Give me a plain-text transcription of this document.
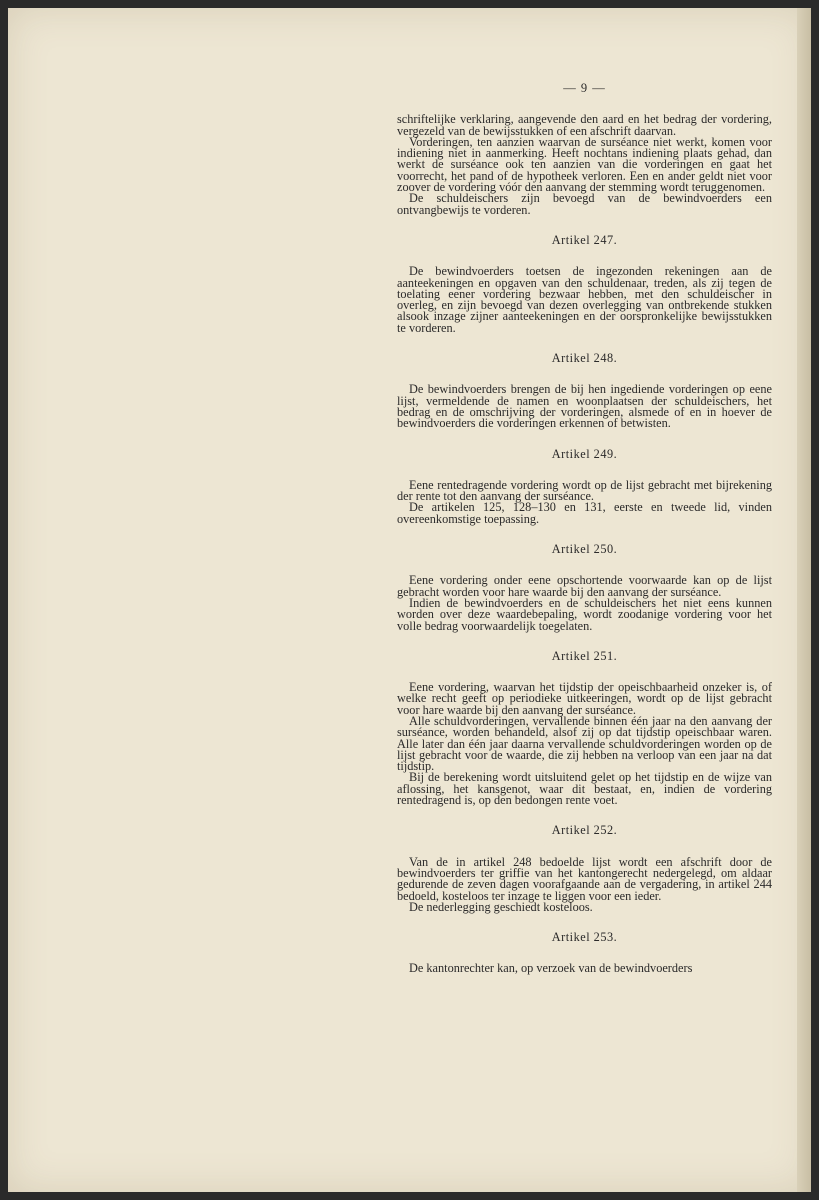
— 9 —

schriftelijke verklaring, aangevende den aard en het bedrag der vordering, vergezeld van de bewijsstukken of een afschrift daarvan.

Vorderingen, ten aanzien waarvan de surséance niet werkt, komen voor indiening niet in aanmerking. Heeft nochtans indiening plaats gehad, dan werkt de surséance ook ten aanzien van die vorderingen en gaat het voorrecht, het pand of de hypotheek verloren. Een en ander geldt niet voor zoover de vordering vóór den aanvang der stemming wordt teruggenomen.

De schuldeischers zijn bevoegd van de bewindvoerders een ontvangbewijs te vorderen.

Artikel 247.

De bewindvoerders toetsen de ingezonden rekeningen aan de aanteekeningen en opgaven van den schuldenaar, treden, als zij tegen de toelating eener vordering bezwaar hebben, met den schuldeischer in overleg, en zijn bevoegd van dezen overlegging van ontbrekende stukken alsook inzage zijner aanteekeningen en der oorspronkelijke bewijsstukken te vorderen.

Artikel 248.

De bewindvoerders brengen de bij hen ingediende vorderingen op eene lijst, vermeldende de namen en woonplaatsen der schuldeischers, het bedrag en de omschrijving der vorderingen, alsmede of en in hoever de bewindvoerders die vorderingen erkennen of betwisten.

Artikel 249.

Eene rentedragende vordering wordt op de lijst gebracht met bijrekening der rente tot den aanvang der surséance.

De artikelen 125, 128–130 en 131, eerste en tweede lid, vinden overeenkomstige toepassing.

Artikel 250.

Eene vordering onder eene opschortende voorwaarde kan op de lijst gebracht worden voor hare waarde bij den aanvang der surséance.

Indien de bewindvoerders en de schuldeischers het niet eens kunnen worden over deze waardebepaling, wordt zoodanige vordering voor het volle bedrag voorwaardelijk toegelaten.

Artikel 251.

Eene vordering, waarvan het tijdstip der opeischbaarheid onzeker is, of welke recht geeft op periodieke uitkeeringen, wordt op de lijst gebracht voor hare waarde bij den aanvang der surséance.

Alle schuldvorderingen, vervallende binnen één jaar na den aanvang der surséance, worden behandeld, alsof zij op dat tijdstip opeischbaar waren. Alle later dan één jaar daarna vervallende schuldvorderingen worden op de lijst gebracht voor de waarde, die zij hebben na verloop van een jaar na dat tijdstip.

Bij de berekening wordt uitsluitend gelet op het tijdstip en de wijze van aflossing, het kansgenot, waar dit bestaat, en, indien de vordering rentedragend is, op den bedongen rente voet.

Artikel 252.

Van de in artikel 248 bedoelde lijst wordt een afschrift door de bewindvoerders ter griffie van het kantongerecht nedergelegd, om aldaar gedurende de zeven dagen voorafgaande aan de vergadering, in artikel 244 bedoeld, kosteloos ter inzage te liggen voor een ieder.

De nederlegging geschiedt kosteloos.

Artikel 253.

De kantonrechter kan, op verzoek van de bewindvoerders
